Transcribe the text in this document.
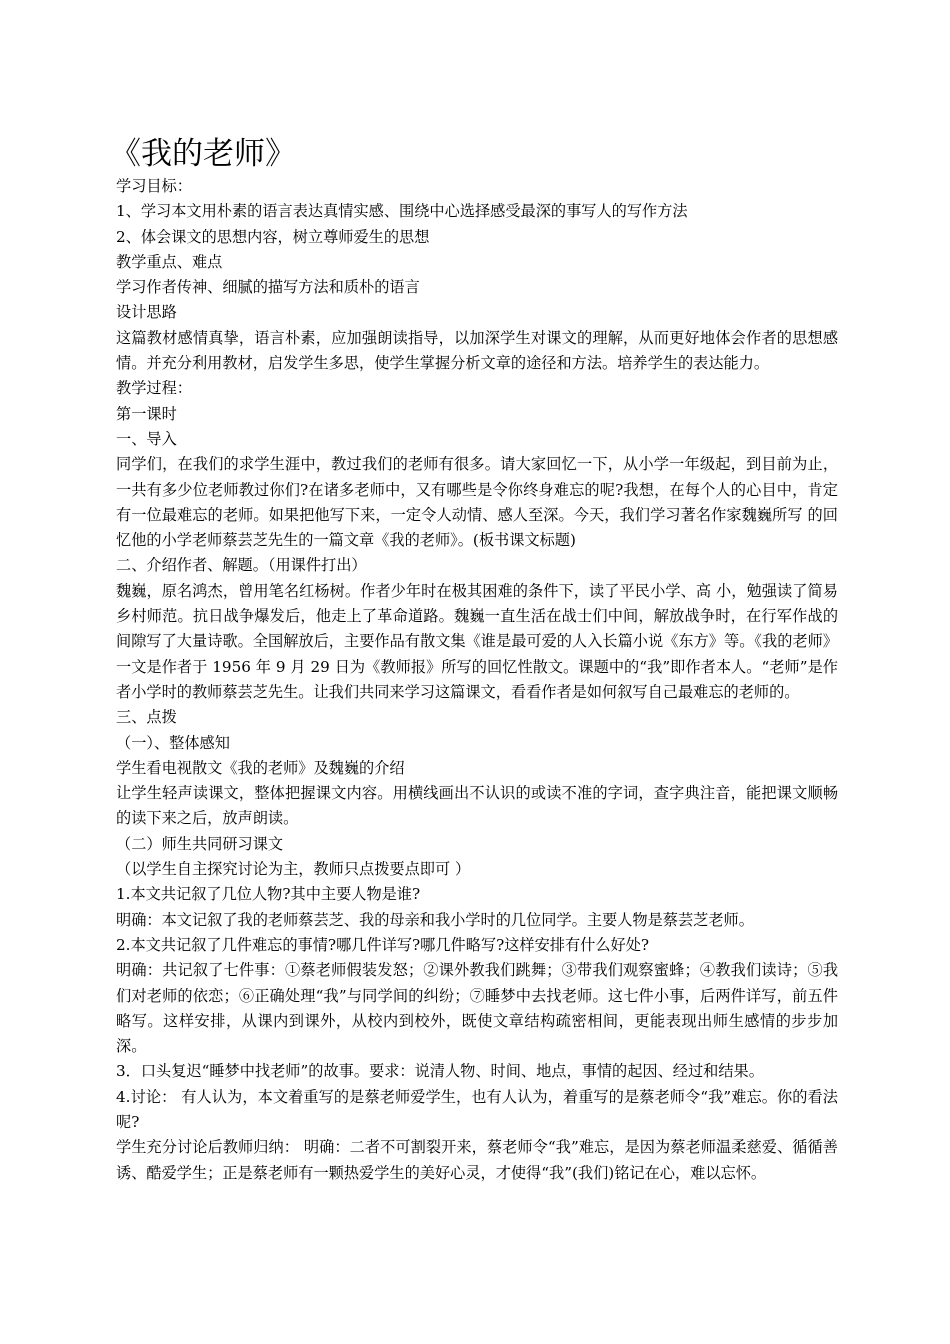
《我的老师》

学习目标：

1、学习本文用朴素的语言表达真情实感、围绕中心选择感受最深的事写人的写作方法

2、体会课文的思想内容，树立尊师爱生的思想

教学重点、难点

学习作者传神、细腻的描写方法和质朴的语言

设计思路

这篇教材感情真挚，语言朴素，应加强朗读指导，以加深学生对课文的理解，从而更好地体会作者的思想感情。并充分利用教材，启发学生多思，使学生掌握分析文章的途径和方法。培养学生的表达能力。

教学过程：

第一课时

一、导入

同学们，在我们的求学生涯中，教过我们的老师有很多。请大家回忆一下，从小学一年级起，到目前为止，一共有多少位老师教过你们?在诸多老师中，又有哪些是令你终身难忘的呢?我想，在每个人的心目中，肯定有一位最难忘的老师。如果把他写下来，一定令人动情、感人至深。今天，我们学习著名作家魏巍所写 的回忆他的小学老师蔡芸芝先生的一篇文章《我的老师》。(板书课文标题)

二、介绍作者、解题。（用课件打出）

魏巍，原名鸿杰，曾用笔名红杨树。作者少年时在极其困难的条件下，读了平民小学、高 小，勉强读了简易乡村师范。抗日战争爆发后，他走上了革命道路。魏巍一直生活在战士们中间，解放战争时，在行军作战的间隙写了大量诗歌。全国解放后，主要作品有散文集《谁是最可爱的人入长篇小说《东方》等。《我的老师》一文是作者于 1956 年 9 月 29 日为《教师报》所写的回忆性散文。课题中的“我”即作者本人。“老师”是作者小学时的教师蔡芸芝先生。让我们共同来学习这篇课文，看看作者是如何叙写自己最难忘的老师的。

三、点拨

（一）、整体感知

学生看电视散文《我的老师》及魏巍的介绍

让学生轻声读课文，整体把握课文内容。用横线画出不认识的或读不准的字词，查字典注音，能把课文顺畅的读下来之后，放声朗读。

（二）师生共同研习课文

（以学生自主探究讨论为主，教师只点拨要点即可 ）

1.本文共记叙了几位人物?其中主要人物是谁?

明确：本文记叙了我的老师蔡芸芝、我的母亲和我小学时的几位同学。主要人物是蔡芸芝老师。

2.本文共记叙了几件难忘的事情?哪几件详写?哪几件略写?这样安排有什么好处?

明确：共记叙了七件事：①蔡老师假装发怒；②课外教我们跳舞；③带我们观察蜜蜂；④教我们读诗；⑤我们对老师的依恋；⑥正确处理“我”与同学间的纠纷；⑦睡梦中去找老师。这七件小事，后两件详写，前五件略写。这样安排，从课内到课外，从校内到校外，既使文章结构疏密相间，更能表现出师生感情的步步加深。

3．口头复迟“睡梦中找老师”的故事。要求：说清人物、时间、地点，事情的起因、经过和结果。

4.讨论： 有人认为，本文着重写的是蔡老师爱学生，也有人认为，着重写的是蔡老师令“我”难忘。你的看法呢?

学生充分讨论后教师归纳： 明确：二者不可割裂开来，蔡老师令“我”难忘，是因为蔡老师温柔慈爱、循循善诱、酷爱学生；正是蔡老师有一颗热爱学生的美好心灵，才使得“我”(我们)铭记在心，难以忘怀。
